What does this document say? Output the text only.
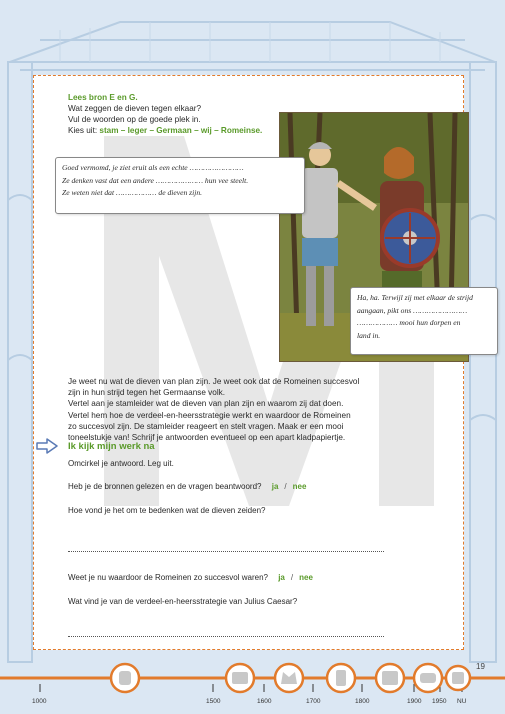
Lees bron E en G.
Wat zeggen de dieven tegen elkaar?
Vul de woorden op de goede plek in.
Kies uit: stam – leger – Germaan – wij – Romeinse.
Je weet nu wat de dieven van plan zijn. Je weet ook dat de Romeinen succesvol
zijn in hun strijd tegen het Germaanse volk.
Vertel aan je stamleider wat de dieven van plan zijn en waarom zij dat doen.
Vertel hem hoe de verdeel-en-heersstrategie werkt en waardoor de Romeinen
zo succesvol zijn. De stamleider reageert en stelt vragen. Maak er een mooi
toneelstukje van! Schrijf je antwoorden eventueel op een apart kladpapiertje.
Ik kijk mijn werk na
Omcirkel je antwoord. Leg uit.
Heb je de bronnen gelezen en de vragen beantwoord? ja / nee
Hoe vond je het om te bedenken wat de dieven zeiden?
Weet je nu waardoor de Romeinen zo succesvol waren? ja / nee
Wat vind je van de verdeel-en-heersstrategie van Julius Caesar?
Goed vermomd, je ziet eruit als een echte ……………………
Ze denken vast dat een andere ………………… hun vee steelt.
Ze weten niet dat ……………… de dieven zijn.
Ha, ha. Terwijl zij met elkaar de strijd
aangaan, pikt ons ……………………
……………… mooi hun dorpen en
land in.
19
1000	1500	1600	1700	1800	1900 1950 NU
